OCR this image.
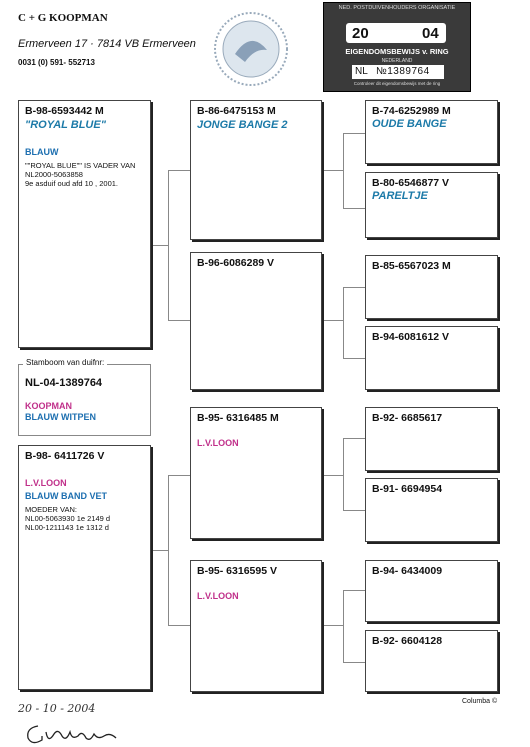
C + G KOOPMAN
Ermerveen 17 · 7814 VB Ermerveen
0031 (0) 591- 552713
NED. POSTDUIVENHOUDERS ORGANISATIE
20	04
EIGENDOMSBEWIJS v. RING
NEDERLAND
NL №1389764
Controleer dit eigendomsbewijs met de ring
B-98-6593442 M
"ROYAL BLUE"
BLAUW
""ROYAL BLUE"" IS VADER VAN
NL2000-5063858
9e asduif oud afd 10 , 2001.
Stamboom van duifnr:
NL-04-1389764
KOOPMAN
BLAUW WITPEN
B-98- 6411726 V
L.V.LOON
BLAUW BAND VET
MOEDER VAN:
NL00-5063930 1e 2149 d
NL00-1211143 1e 1312 d
B-86-6475153 M
JONGE BANGE 2
B-96-6086289 V
B-95- 6316485 M
L.V.LOON
B-95- 6316595 V
L.V.LOON
B-74-6252989 M
OUDE BANGE
B-80-6546877 V
PARELTJE
B-85-6567023 M
B-94-6081612 V
B-92- 6685617
B-91- 6694954
B-94- 6434009
B-92- 6604128
20 - 10 - 2004
Columba ©
